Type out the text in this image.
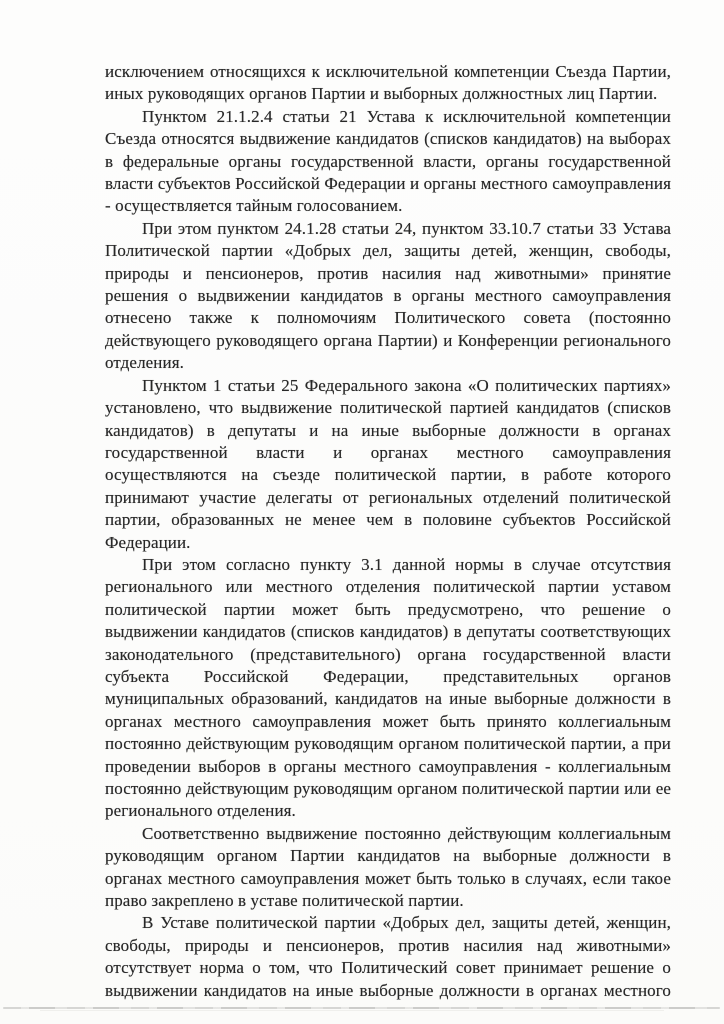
исключением относящихся к исключительной компетенции Съезда Партии, иных руководящих органов Партии и выборных должностных лиц Партии.

Пунктом 21.1.2.4 статьи 21 Устава к исключительной компетенции Съезда относятся выдвижение кандидатов (списков кандидатов) на выборах в федеральные органы государственной власти, органы государственной власти субъектов Российской Федерации и органы местного самоуправления - осуществляется тайным голосованием.

При этом пунктом 24.1.28 статьи 24, пунктом 33.10.7 статьи 33 Устава Политической партии «Добрых дел, защиты детей, женщин, свободы, природы и пенсионеров, против насилия над животными» принятие решения о выдвижении кандидатов в органы местного самоуправления отнесено также к полномочиям Политического совета (постоянно действующего руководящего органа Партии) и Конференции регионального отделения.

Пунктом 1 статьи 25 Федерального закона «О политических партиях» установлено, что выдвижение политической партией кандидатов (списков кандидатов) в депутаты и на иные выборные должности в органах государственной власти и органах местного самоуправления осуществляются на съезде политической партии, в работе которого принимают участие делегаты от региональных отделений политической партии, образованных не менее чем в половине субъектов Российской Федерации.

При этом согласно пункту 3.1 данной нормы в случае отсутствия регионального или местного отделения политической партии уставом политической партии может быть предусмотрено, что решение о выдвижении кандидатов (списков кандидатов) в депутаты соответствующих законодательного (представительного) органа государственной власти субъекта Российской Федерации, представительных органов муниципальных образований, кандидатов на иные выборные должности в органах местного самоуправления может быть принято коллегиальным постоянно действующим руководящим органом политической партии, а при проведении выборов в органы местного самоуправления - коллегиальным постоянно действующим руководящим органом политической партии или ее регионального отделения.

Соответственно выдвижение постоянно действующим коллегиальным руководящим органом Партии кандидатов на выборные должности в органах местного самоуправления может быть только в случаях, если такое право закреплено в уставе политической партии.

В Уставе политической партии «Добрых дел, защиты детей, женщин, свободы, природы и пенсионеров, против насилия над животными» отсутствует норма о том, что Политический совет принимает решение о выдвижении кандидатов на иные выборные должности в органах местного
